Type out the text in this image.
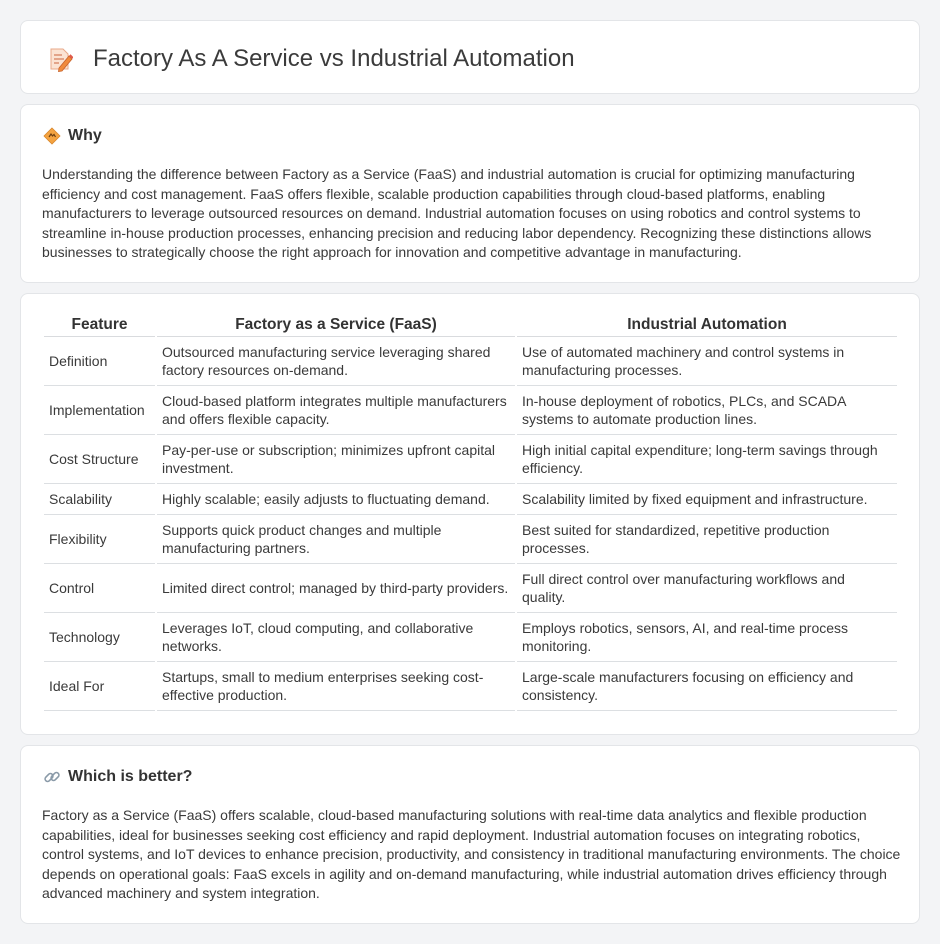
Factory As A Service vs Industrial Automation
Why

Understanding the difference between Factory as a Service (FaaS) and industrial automation is crucial for optimizing manufacturing efficiency and cost management. FaaS offers flexible, scalable production capabilities through cloud-based platforms, enabling manufacturers to leverage outsourced resources on demand. Industrial automation focuses on using robotics and control systems to streamline in-house production processes, enhancing precision and reducing labor dependency. Recognizing these distinctions allows businesses to strategically choose the right approach for innovation and competitive advantage in manufacturing.

Feature	Factory as a Service (FaaS)	Industrial Automation
Definition	Outsourced manufacturing service leveraging shared factory resources on-demand.	Use of automated machinery and control systems in manufacturing processes.
Implementation	Cloud-based platform integrates multiple manufacturers and offers flexible capacity.	In-house deployment of robotics, PLCs, and SCADA systems to automate production lines.
Cost Structure	Pay-per-use or subscription; minimizes upfront capital investment.	High initial capital expenditure; long-term savings through efficiency.
Scalability	Highly scalable; easily adjusts to fluctuating demand.	Scalability limited by fixed equipment and infrastructure.
Flexibility	Supports quick product changes and multiple manufacturing partners.	Best suited for standardized, repetitive production processes.
Control	Limited direct control; managed by third-party providers.	Full direct control over manufacturing workflows and quality.
Technology	Leverages IoT, cloud computing, and collaborative networks.	Employs robotics, sensors, AI, and real-time process monitoring.
Ideal For	Startups, small to medium enterprises seeking cost-effective production.	Large-scale manufacturers focusing on efficiency and consistency.
Which is better?

Factory as a Service (FaaS) offers scalable, cloud-based manufacturing solutions with real-time data analytics and flexible production capabilities, ideal for businesses seeking cost efficiency and rapid deployment. Industrial automation focuses on integrating robotics, control systems, and IoT devices to enhance precision, productivity, and consistency in traditional manufacturing environments. The choice depends on operational goals: FaaS excels in agility and on-demand manufacturing, while industrial automation drives efficiency through advanced machinery and system integration.
